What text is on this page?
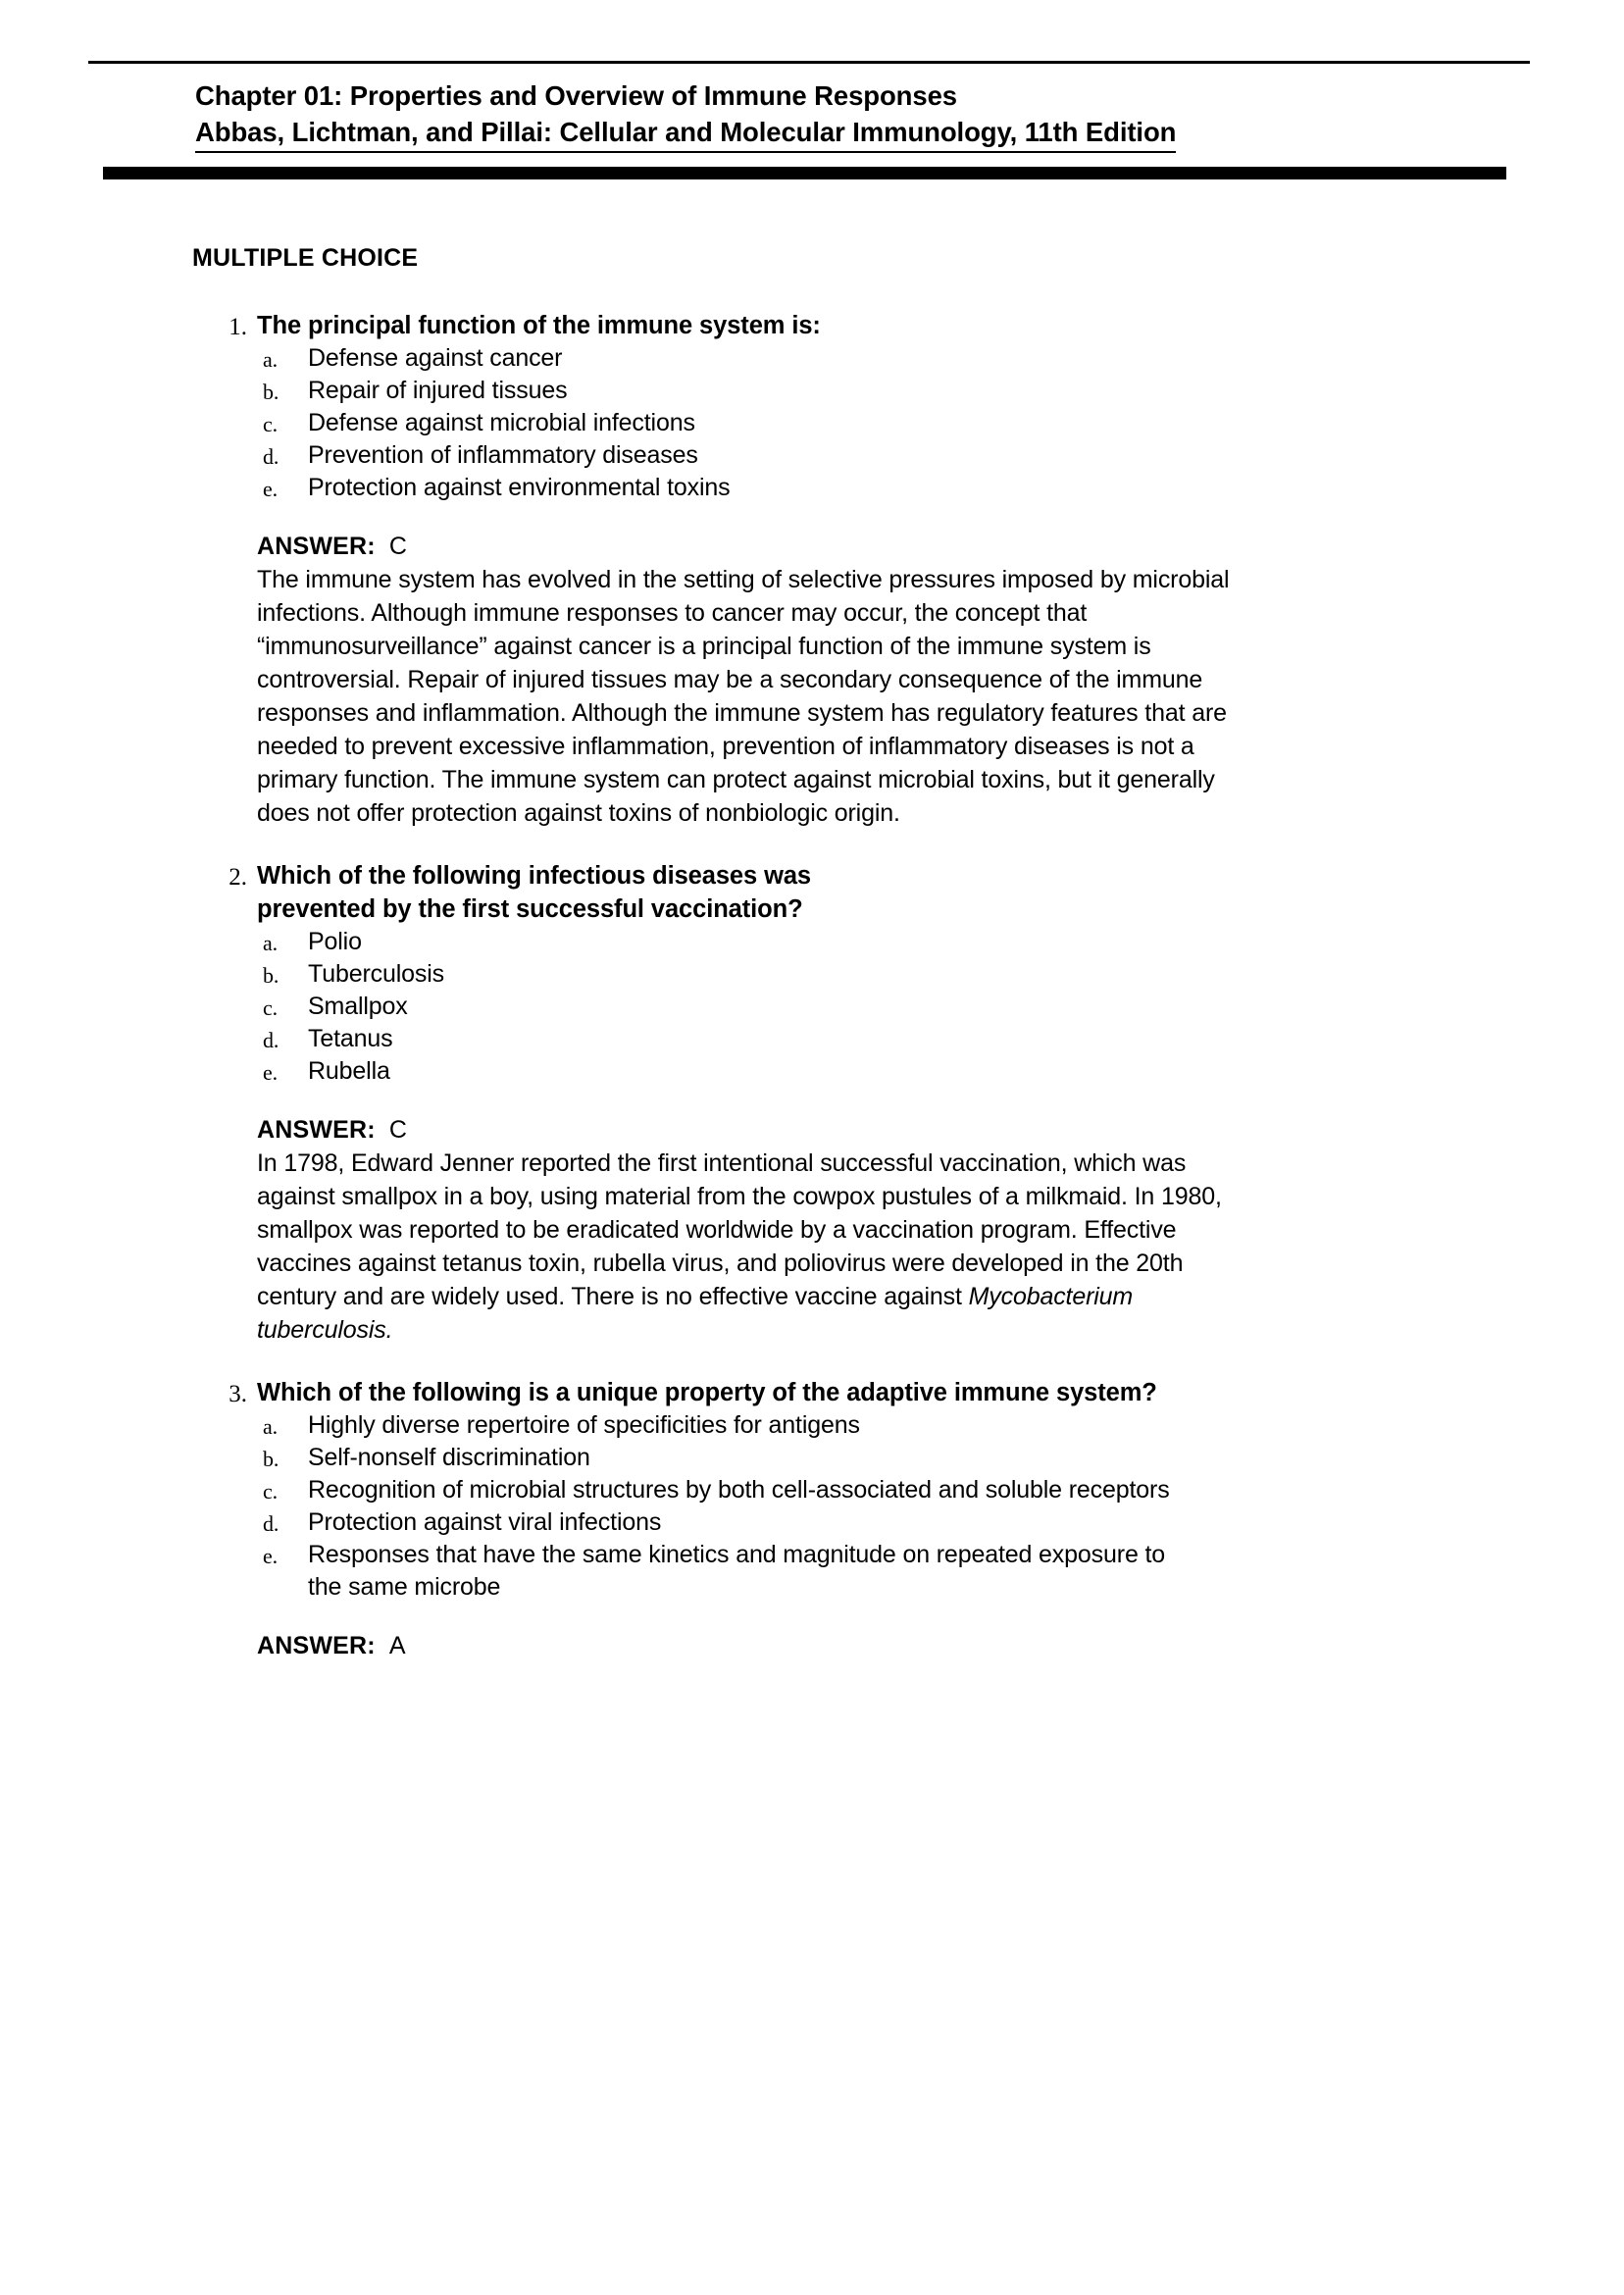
Chapter 01: Properties and Overview of Immune Responses
Abbas, Lichtman, and Pillai: Cellular and Molecular Immunology, 11th Edition
MULTIPLE CHOICE
1. The principal function of the immune system is:
a.	Defense against cancer
b.	Repair of injured tissues
c.	Defense against microbial infections
d.	Prevention of inflammatory diseases
e.	Protection against environmental toxins
ANSWER: C
The immune system has evolved in the setting of selective pressures imposed by microbial infections. Although immune responses to cancer may occur, the concept that “immunosurveillance” against cancer is a principal function of the immune system is controversial. Repair of injured tissues may be a secondary consequence of the immune responses and inflammation. Although the immune system has regulatory features that are needed to prevent excessive inflammation, prevention of inflammatory diseases is not a primary function. The immune system can protect against microbial toxins, but it generally does not offer protection against toxins of nonbiologic origin.
2. Which of the following infectious diseases was prevented by the first successful vaccination?
a.	Polio
b.	Tuberculosis
c.	Smallpox
d.	Tetanus
e.	Rubella
ANSWER: C
In 1798, Edward Jenner reported the first intentional successful vaccination, which was against smallpox in a boy, using material from the cowpox pustules of a milkmaid. In 1980, smallpox was reported to be eradicated worldwide by a vaccination program. Effective vaccines against tetanus toxin, rubella virus, and poliovirus were developed in the 20th century and are widely used. There is no effective vaccine against Mycobacterium tuberculosis.
3. Which of the following is a unique property of the adaptive immune system?
a.	Highly diverse repertoire of specificities for antigens
b.	Self-nonself discrimination
c.	Recognition of microbial structures by both cell-associated and soluble receptors
d.	Protection against viral infections
e.	Responses that have the same kinetics and magnitude on repeated exposure to the same microbe
ANSWER: A
